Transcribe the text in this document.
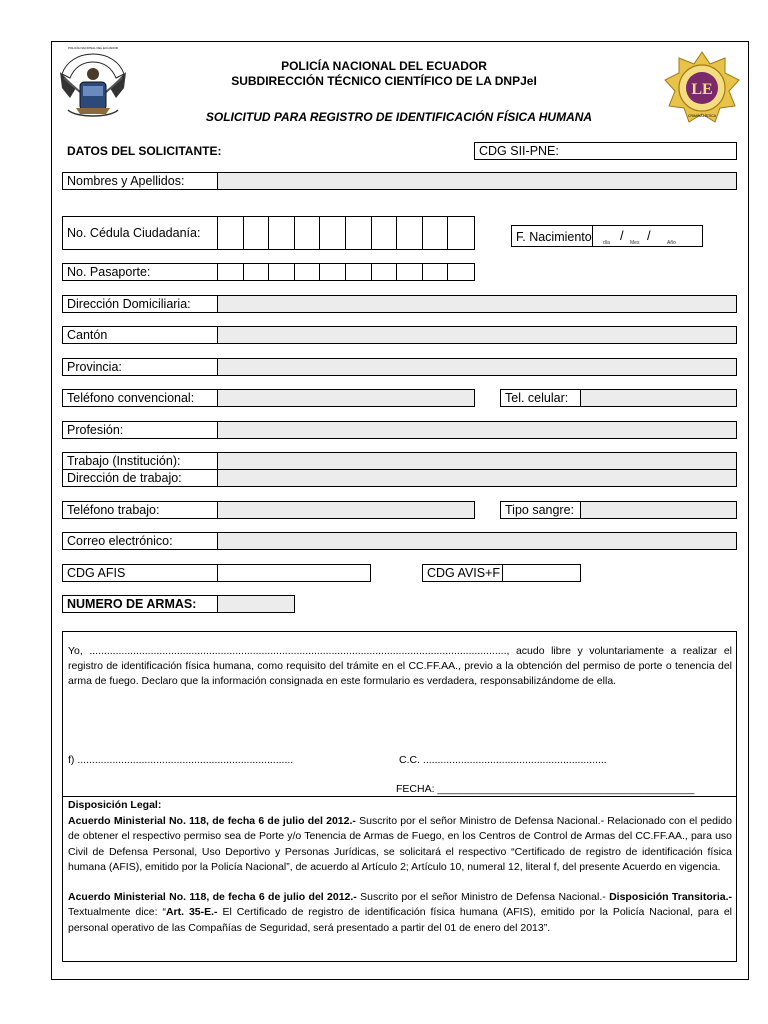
POLICÍA NACIONAL DEL ECUADOR
LE
CRIMINALÍSTICA
POLICÍA NACIONAL DEL ECUADOR
SUBDIRECCIÓN TÉCNICO CIENTÍFICO DE LA DNPJeI
SOLICITUD PARA REGISTRO DE IDENTIFICACIÓN FÍSICA HUMANA
DATOS DEL SOLICITANTE:	CDG SII-PNE:
Nombres y Apellidos:
No. Cédula Ciudadanía:	F. Nacimiento	día / Mes /	Año
No. Pasaporte:
Dirección Domiciliaria:
Cantón
Provincia:
Teléfono convencional:	Tel. celular:
Profesión:
Trabajo (Institución):
Dirección de trabajo:
Teléfono trabajo:	Tipo sangre:
Correo electrónico:
CDG AFIS	CDG AVIS+F
NUMERO DE ARMAS:
Yo, ..............................................................................................................................................., acudo libre y voluntariamente a realizar el registro de identificación física humana, como requisito del trámite en el CC.FF.AA., previo a la obtención del permiso de porte o tenencia del arma de fuego. Declaro que la información consignada en este formulario es verdadera, responsabilizándome de ella.
f) ..........................................................................	C.C. ...............................................................
FECHA: ____________________________________________
Disposición Legal:
Acuerdo Ministerial No. 118, de fecha 6 de julio del 2012.- Suscrito por el señor Ministro de Defensa Nacional.- Relacionado con el pedido de obtener el respectivo permiso sea de Porte y/o Tenencia de Armas de Fuego, en los Centros de Control de Armas del CC.FF.AA., para uso Civil de Defensa Personal, Uso Deportivo y Personas Jurídicas, se solicitará el respectivo “Certificado de registro de identificación física humana (AFIS), emitido por la Policía Nacional”, de acuerdo al Artículo 2; Artículo 10, numeral 12, literal f, del presente Acuerdo en vigencia.
Acuerdo Ministerial No. 118, de fecha 6 de julio del 2012.- Suscrito por el señor Ministro de Defensa Nacional.- Disposición Transitoria.- Textualmente dice: “Art. 35-E.- El Certificado de registro de identificación física humana (AFIS), emitido por la Policía Nacional, para el personal operativo de las Compañías de Seguridad, será presentado a partir del 01 de enero del 2013”.
